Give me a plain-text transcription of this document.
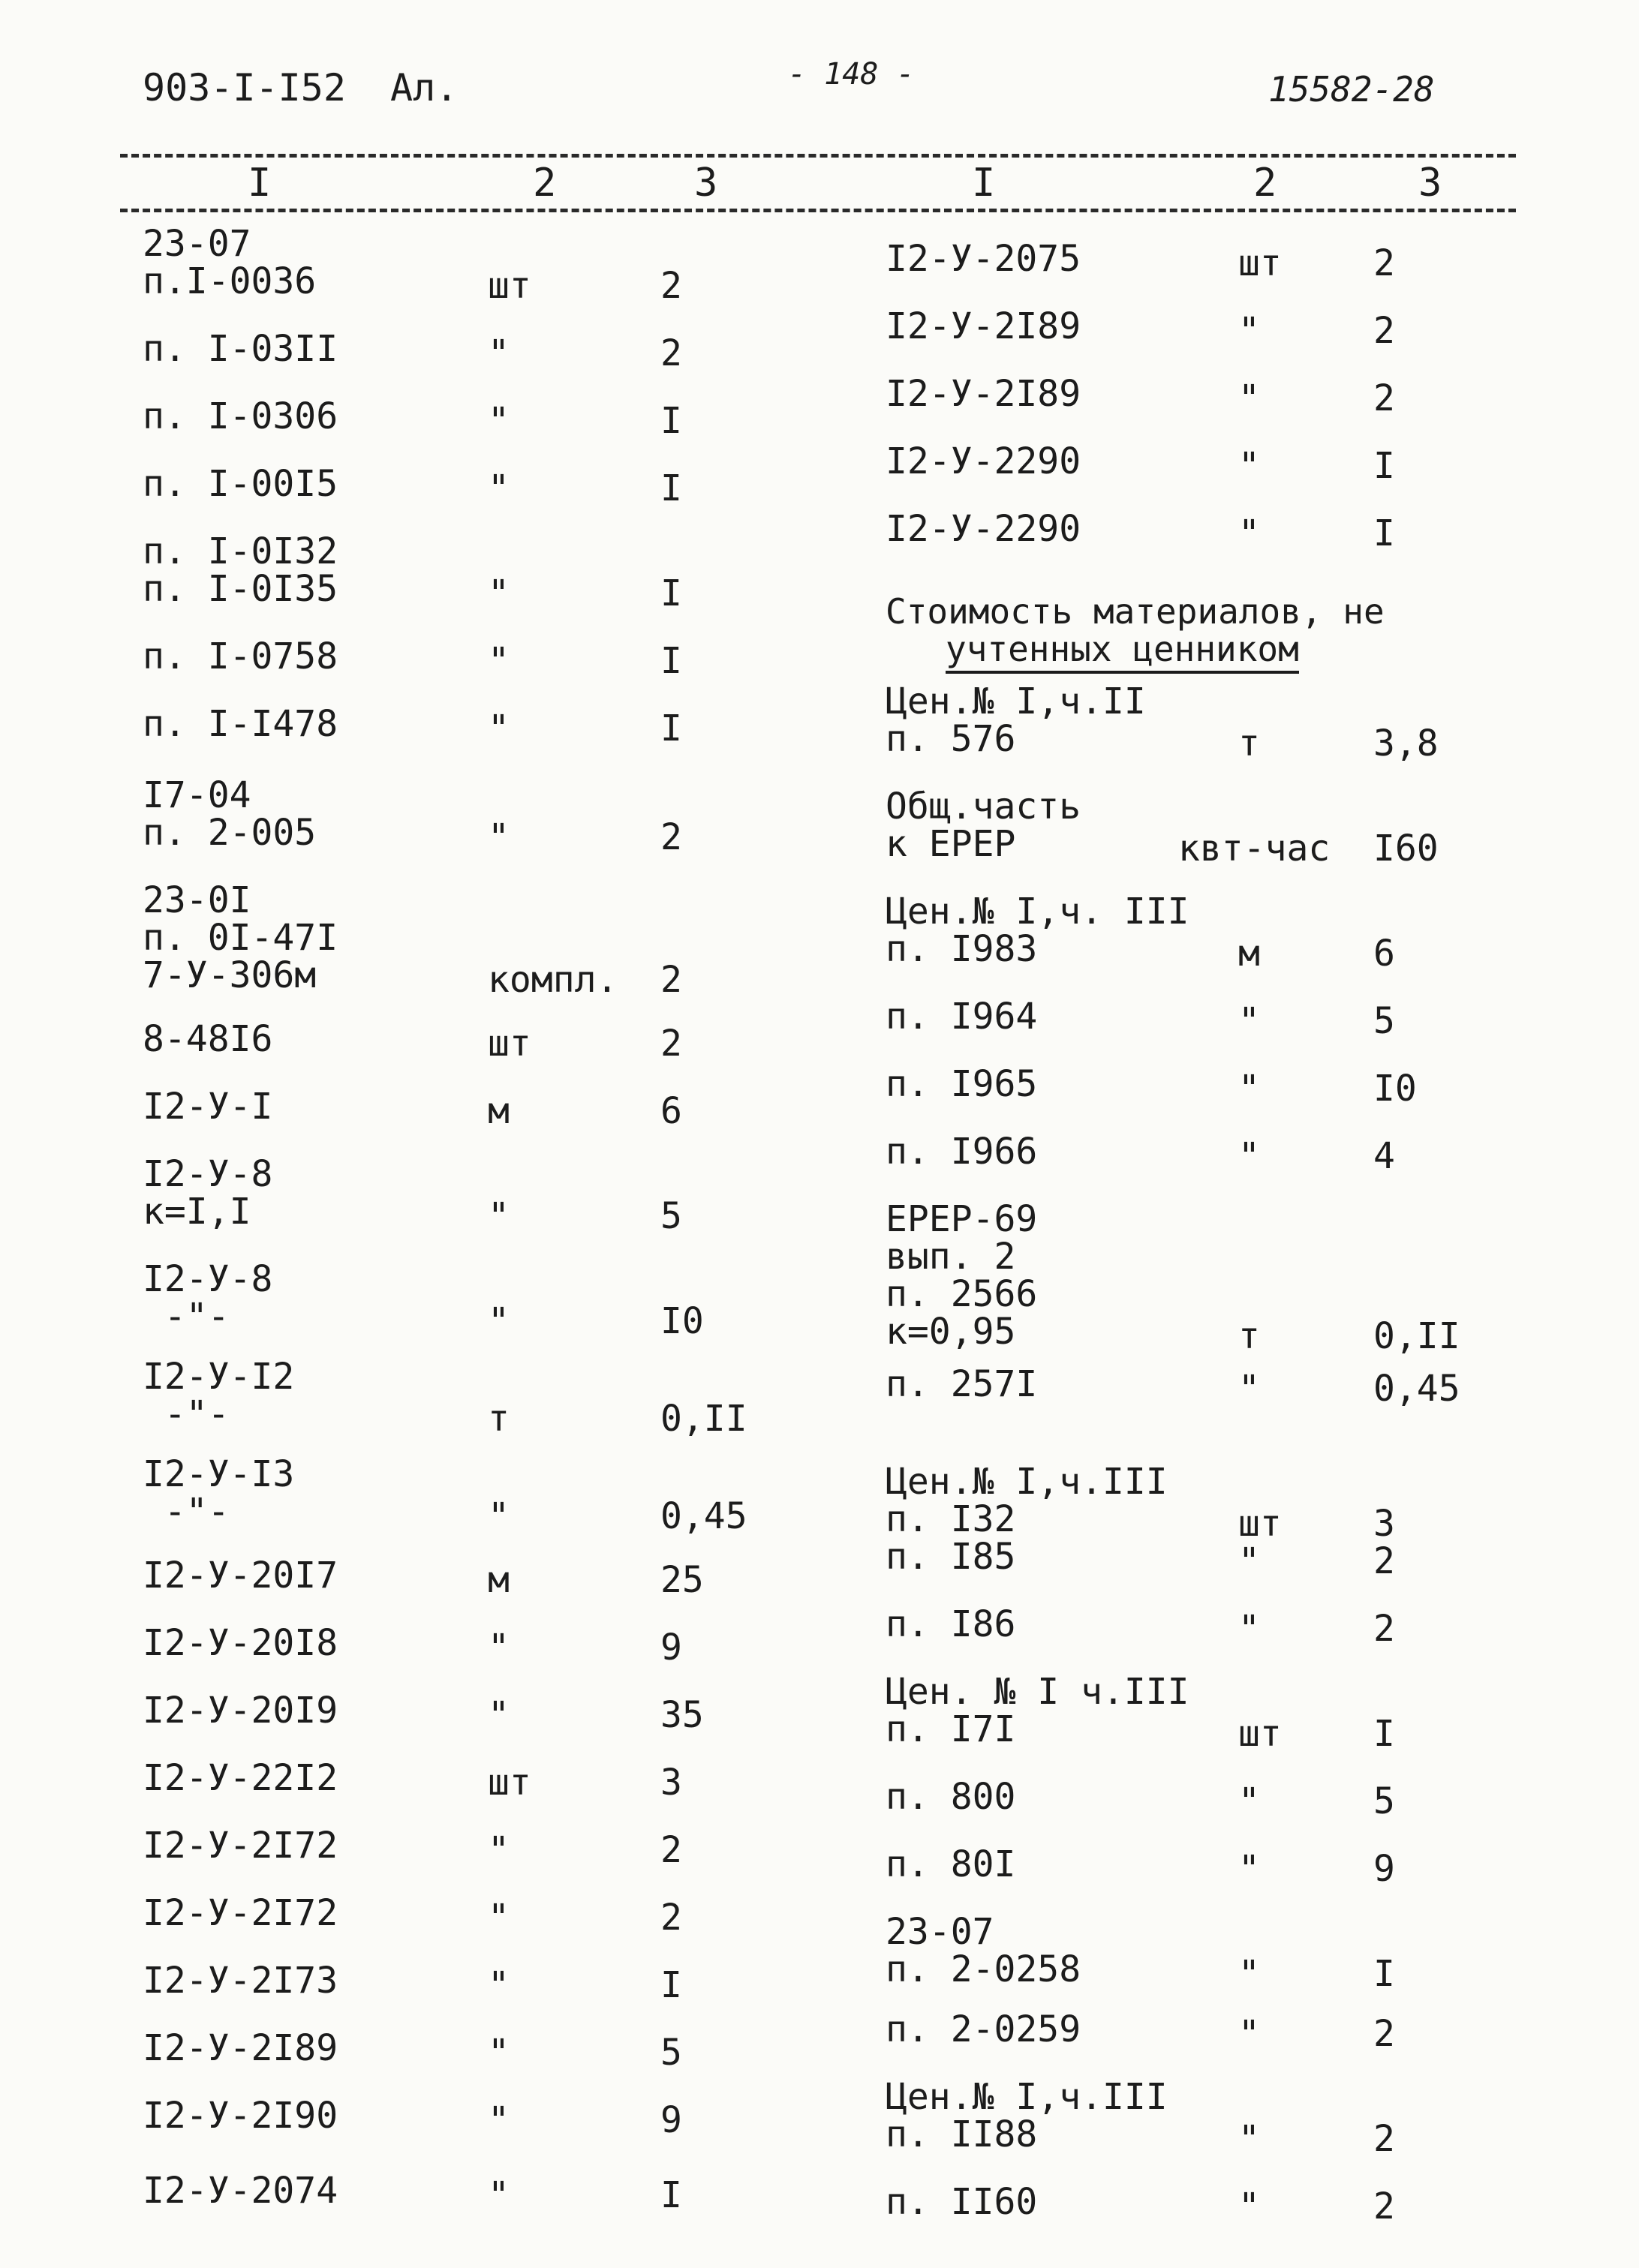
903-I-I52 Ал.	- 148 -	15582-28
I	2	3	I	2	3
23-07
п.I-0036	шт	2
п. I-03II	"	2
п. I-0306	"	I
п. I-00I5	"	I
п. I-0I32
п. I-0I35	"	I
п. I-0758	"	I
п. I-I478	"	I
I7-04
п. 2-005	"	2
23-0I
п. 0I-47I
7-У-306м	компл. 2
8-48I6	шт	2
I2-У-I	м	6
I2-У-8
к=I,I	"	5
I2-У-8
-"-	"	I0
I2-У-I2
-"-	т	0,II
I2-У-I3
-"-	"	0,45
I2-У-20I7	м	25
I2-У-20I8	"	9
I2-У-20I9	"	35
I2-У-22I2	шт	3
I2-У-2I72	"	2
I2-У-2I72	"	2
I2-У-2I73	"	I
I2-У-2I89	"	5
I2-У-2I90	"	9
I2-У-2074	"	I
I2-У-2075	шт	2
I2-У-2I89	"	2
I2-У-2I89	"	2
I2-У-2290	"	I
I2-У-2290	"	I
Цен.№ I,ч.II
п. 576	т	3,8
Общ.часть
к ЕРЕР	квт-час I60
Цен.№ I,ч. III
п. I983	м	6
п. I964	"	5
п. I965	"	I0
п. I966	"	4
ЕРЕР-69
вып. 2
п. 2566
к=0,95	т	0,II
п. 257I	"	0,45
Цен.№ I,ч.III
п. I32	шт	3
п. I85	"	2
п. I86	"	2
Цен. № I ч.III
п. I7I	шт	I
п. 800	"	5
п. 80I	"	9
23-07
п. 2-0258	"	I
п. 2-0259	"	2
Цен.№ I,ч.III
п. II88	"	2
п. II60	"	2
Стоимость материалов, не
учтенных ценником
